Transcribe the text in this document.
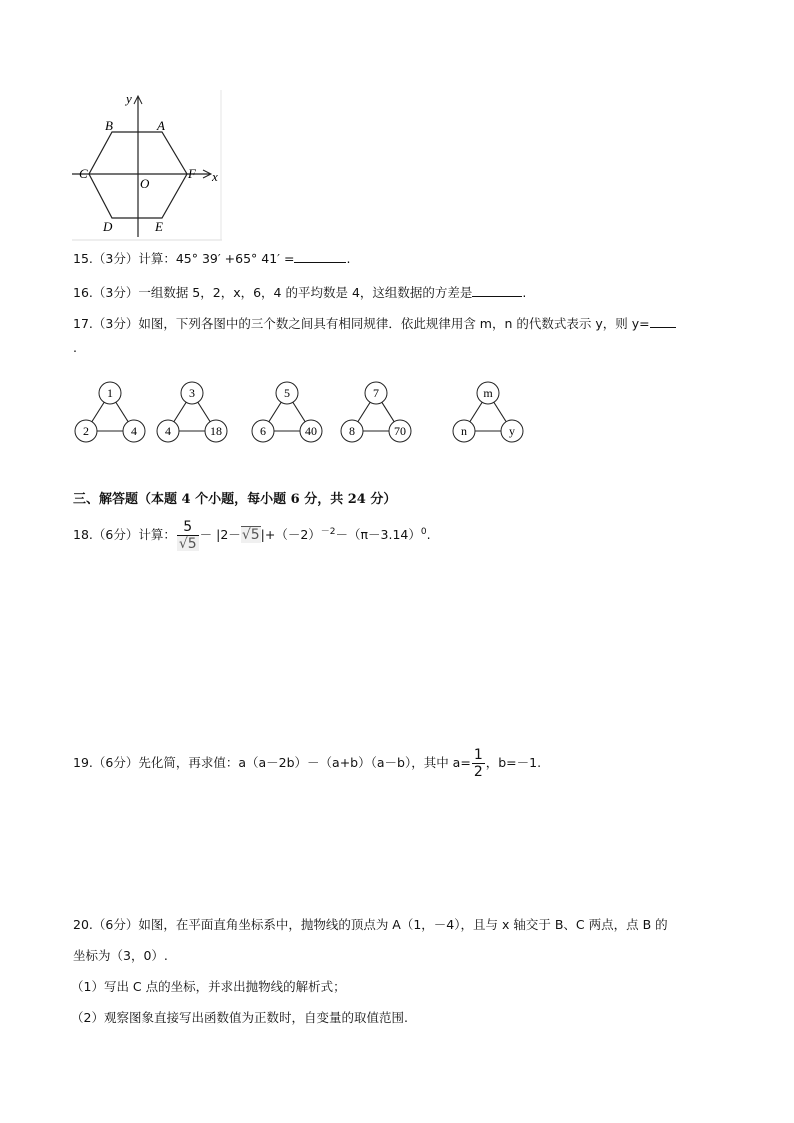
y
B	A
C	F x
O
D	E
15.（3分）计算：45° 39′ +65° 41′ =	.
16.（3分）一组数据 5，2，x，6，4 的平均数是 4，这组数据的方差是	.
17.（3分）如图，下列各图中的三个数之间具有相同规律．依此规律用含 m，n 的代数式表示 y，则 y=
.
1
2	4
3
4	18
5
6	40
7
8	70
m
n	y
三、解答题（本题 4 个小题，每小题 6 分，共 24 分）
18.（6分）计算： $\frac{5}{√5} - |2-√5|+(-2)^{-2}-(\pi-3.14)^0$.
19.（6分）先化简，再求值：a（a－2b）－（a+b）（a－b），其中 $a= \frac{1}{2}$ ，b=－1.
20.（6分）如图，在平面直角坐标系中，抛物线的顶点为 A（1，－4），且与 x 轴交于 B、C 两点，点 B 的
坐标为（3，0）.
（1）写出 C 点的坐标，并求出抛物线的解析式；
（2）观察图象直接写出函数值为正数时，自变量的取值范围.
